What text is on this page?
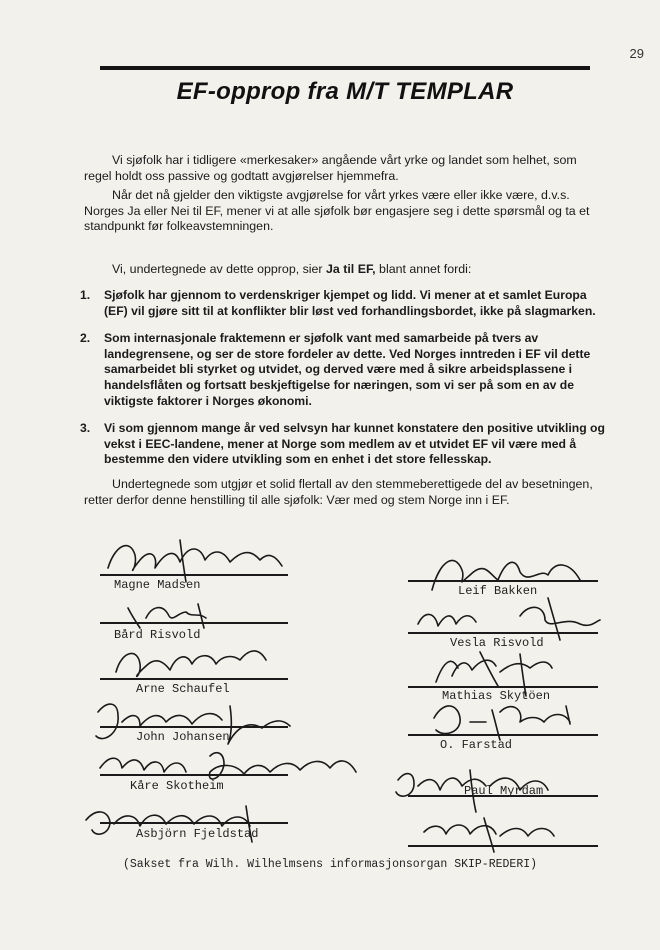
29
EF-opprop fra M/T TEMPLAR
Vi sjøfolk har i tidligere «merkesaker» angående vårt yrke og landet som helhet, som regel holdt oss passive og godtatt avgjørelser hjemmefra.
Når det nå gjelder den viktigste avgjørelse for vårt yrkes være eller ikke være, d.v.s. Norges Ja eller Nei til EF, mener vi at alle sjøfolk bør engasjere seg i dette spørsmål og ta et standpunkt før folkeavstemningen.
Vi, undertegnede av dette opprop, sier Ja til EF, blant annet fordi:
1.	Sjøfolk har gjennom to verdenskriger kjempet og lidd. Vi mener at et samlet Europa (EF) vil gjøre sitt til at konflikter blir løst ved forhandlingsbordet, ikke på slagmarken.
2.	Som internasjonale fraktemenn er sjøfolk vant med samarbeide på tvers av landegrensene, og ser de store fordeler av dette. Ved Norges inntreden i EF vil dette samarbeidet bli styrket og utvidet, og derved være med å sikre arbeidsplassene i handelsflåten og fortsatt beskjeftigelse for næringen, som vi ser på som en av de viktigste faktorer i Norges økonomi.
3.	Vi som gjennom mange år ved selvsyn har kunnet konstatere den positive utvikling og vekst i EEC-landene, mener at Norge som medlem av et utvidet EF vil være med å bestemme den videre utvikling som en enhet i det store fellesskap.
Undertegnede som utgjør et solid flertall av den stemmeberettigede del av besetningen, retter derfor denne henstilling til alle sjøfolk: Vær med og stem Norge inn i EF.
Magne Madsen
Bård Risvold
Arne Schaufel
John Johansen
Kåre Skotheim
Asbjörn Fjeldstad
Leif Bakken
Vesla Risvold
Mathias Skytöen
O. Farstad
Paul Myrdam
(Sakset fra Wilh. Wilhelmsens informasjonsorgan SKIP-REDERI)
